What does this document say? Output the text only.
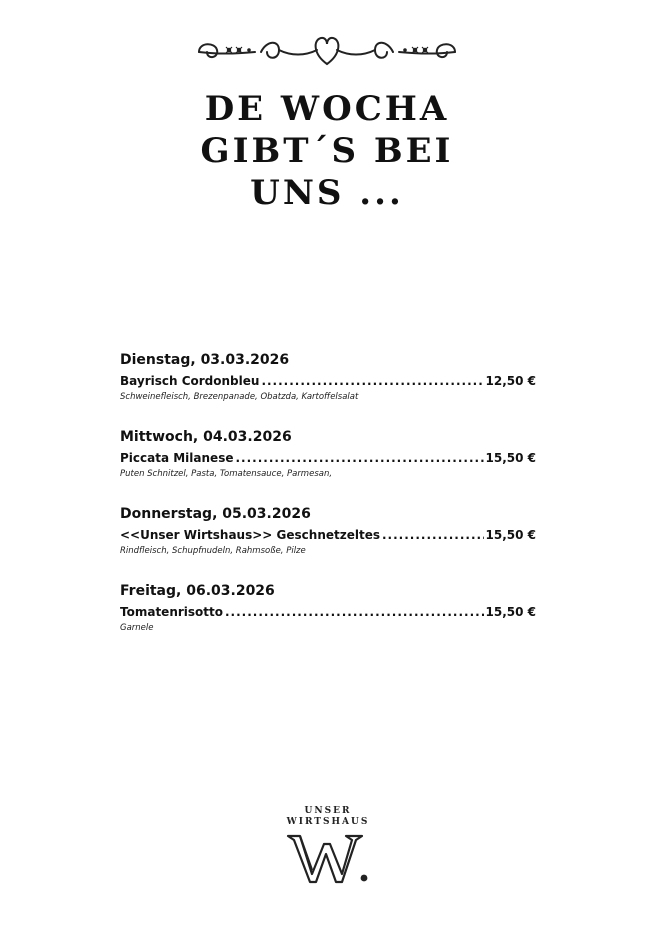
DE WOCHA
GIBT´S BEI
UNS ...
Dienstag, 03.03.2026
Bayrisch Cordonbleu .....	12,50 €
Schweinefleisch, Brezenpanade, Obatzda, Kartoffelsalat
Mittwoch, 04.03.2026
Piccata Milanese .....	15,50 €
Puten Schnitzel, Pasta, Tomatensauce, Parmesan,
Donnerstag, 05.03.2026
<<Unser Wirtshaus>> Geschnetzeltes .....	15,50 €
Rindfleisch, Schupfnudeln, Rahmsoße, Pilze
Freitag, 06.03.2026
Tomatenrisotto .....	15,50 €
Garnele
UNSER
WIRTSHAUS
